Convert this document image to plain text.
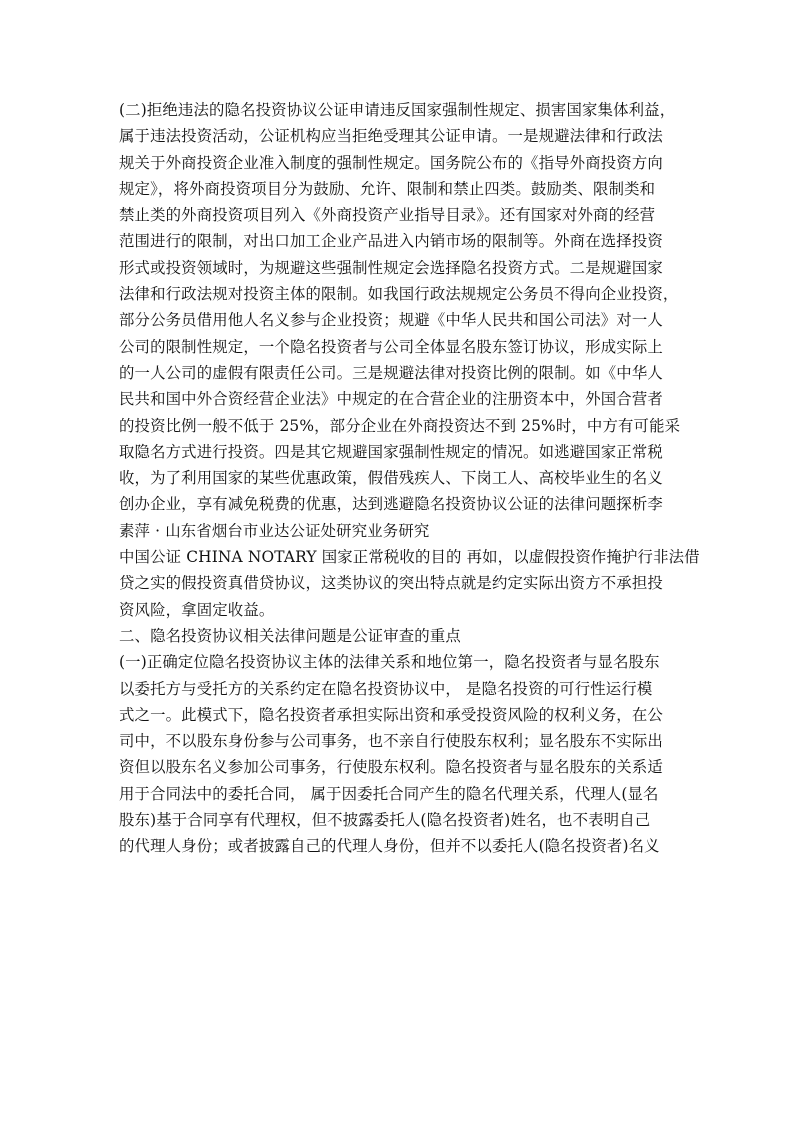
(二)拒绝违法的隐名投资协议公证申请违反国家强制性规定、损害国家集体利益，
属于违法投资活动，公证机构应当拒绝受理其公证申请。一是规避法律和行政法
规关于外商投资企业准入制度的强制性规定。国务院公布的《指导外商投资方向
规定》，将外商投资项目分为鼓励、允许、限制和禁止四类。鼓励类、限制类和
禁止类的外商投资项目列入《外商投资产业指导目录》。还有国家对外商的经营
范围进行的限制，对出口加工企业产品进入内销市场的限制等。外商在选择投资
形式或投资领域时，为规避这些强制性规定会选择隐名投资方式。二是规避国家
法律和行政法规对投资主体的限制。如我国行政法规规定公务员不得向企业投资，
部分公务员借用他人名义参与企业投资；规避《中华人民共和国公司法》对一人
公司的限制性规定，一个隐名投资者与公司全体显名股东签订协议，形成实际上
的一人公司的虚假有限责任公司。三是规避法律对投资比例的限制。如《中华人
民共和国中外合资经营企业法》中规定的在合营企业的注册资本中，外国合营者
的投资比例一般不低于 25%，部分企业在外商投资达不到 25%时，中方有可能采
取隐名方式进行投资。四是其它规避国家强制性规定的情况。如逃避国家正常税
收，为了利用国家的某些优惠政策，假借残疾人、下岗工人、高校毕业生的名义
创办企业，享有减免税费的优惠，达到逃避隐名投资协议公证的法律问题探析李
素萍 · 山东省烟台市业达公证处研究业务研究
中国公证 CHINA NOTARY 国家正常税收的目的 再如，以虚假投资作掩护行非法借
贷之实的假投资真借贷协议，这类协议的突出特点就是约定实际出资方不承担投
资风险，拿固定收益。
二、隐名投资协议相关法律问题是公证审查的重点
(一)正确定位隐名投资协议主体的法律关系和地位第一，隐名投资者与显名股东
以委托方与受托方的关系约定在隐名投资协议中， 是隐名投资的可行性运行模
式之一。此模式下，隐名投资者承担实际出资和承受投资风险的权利义务，在公
司中，不以股东身份参与公司事务，也不亲自行使股东权利；显名股东不实际出
资但以股东名义参加公司事务，行使股东权利。隐名投资者与显名股东的关系适
用于合同法中的委托合同， 属于因委托合同产生的隐名代理关系，代理人(显名
股东)基于合同享有代理权，但不披露委托人(隐名投资者)姓名，也不表明自己
的代理人身份；或者披露自己的代理人身份，但并不以委托人(隐名投资者)名义
